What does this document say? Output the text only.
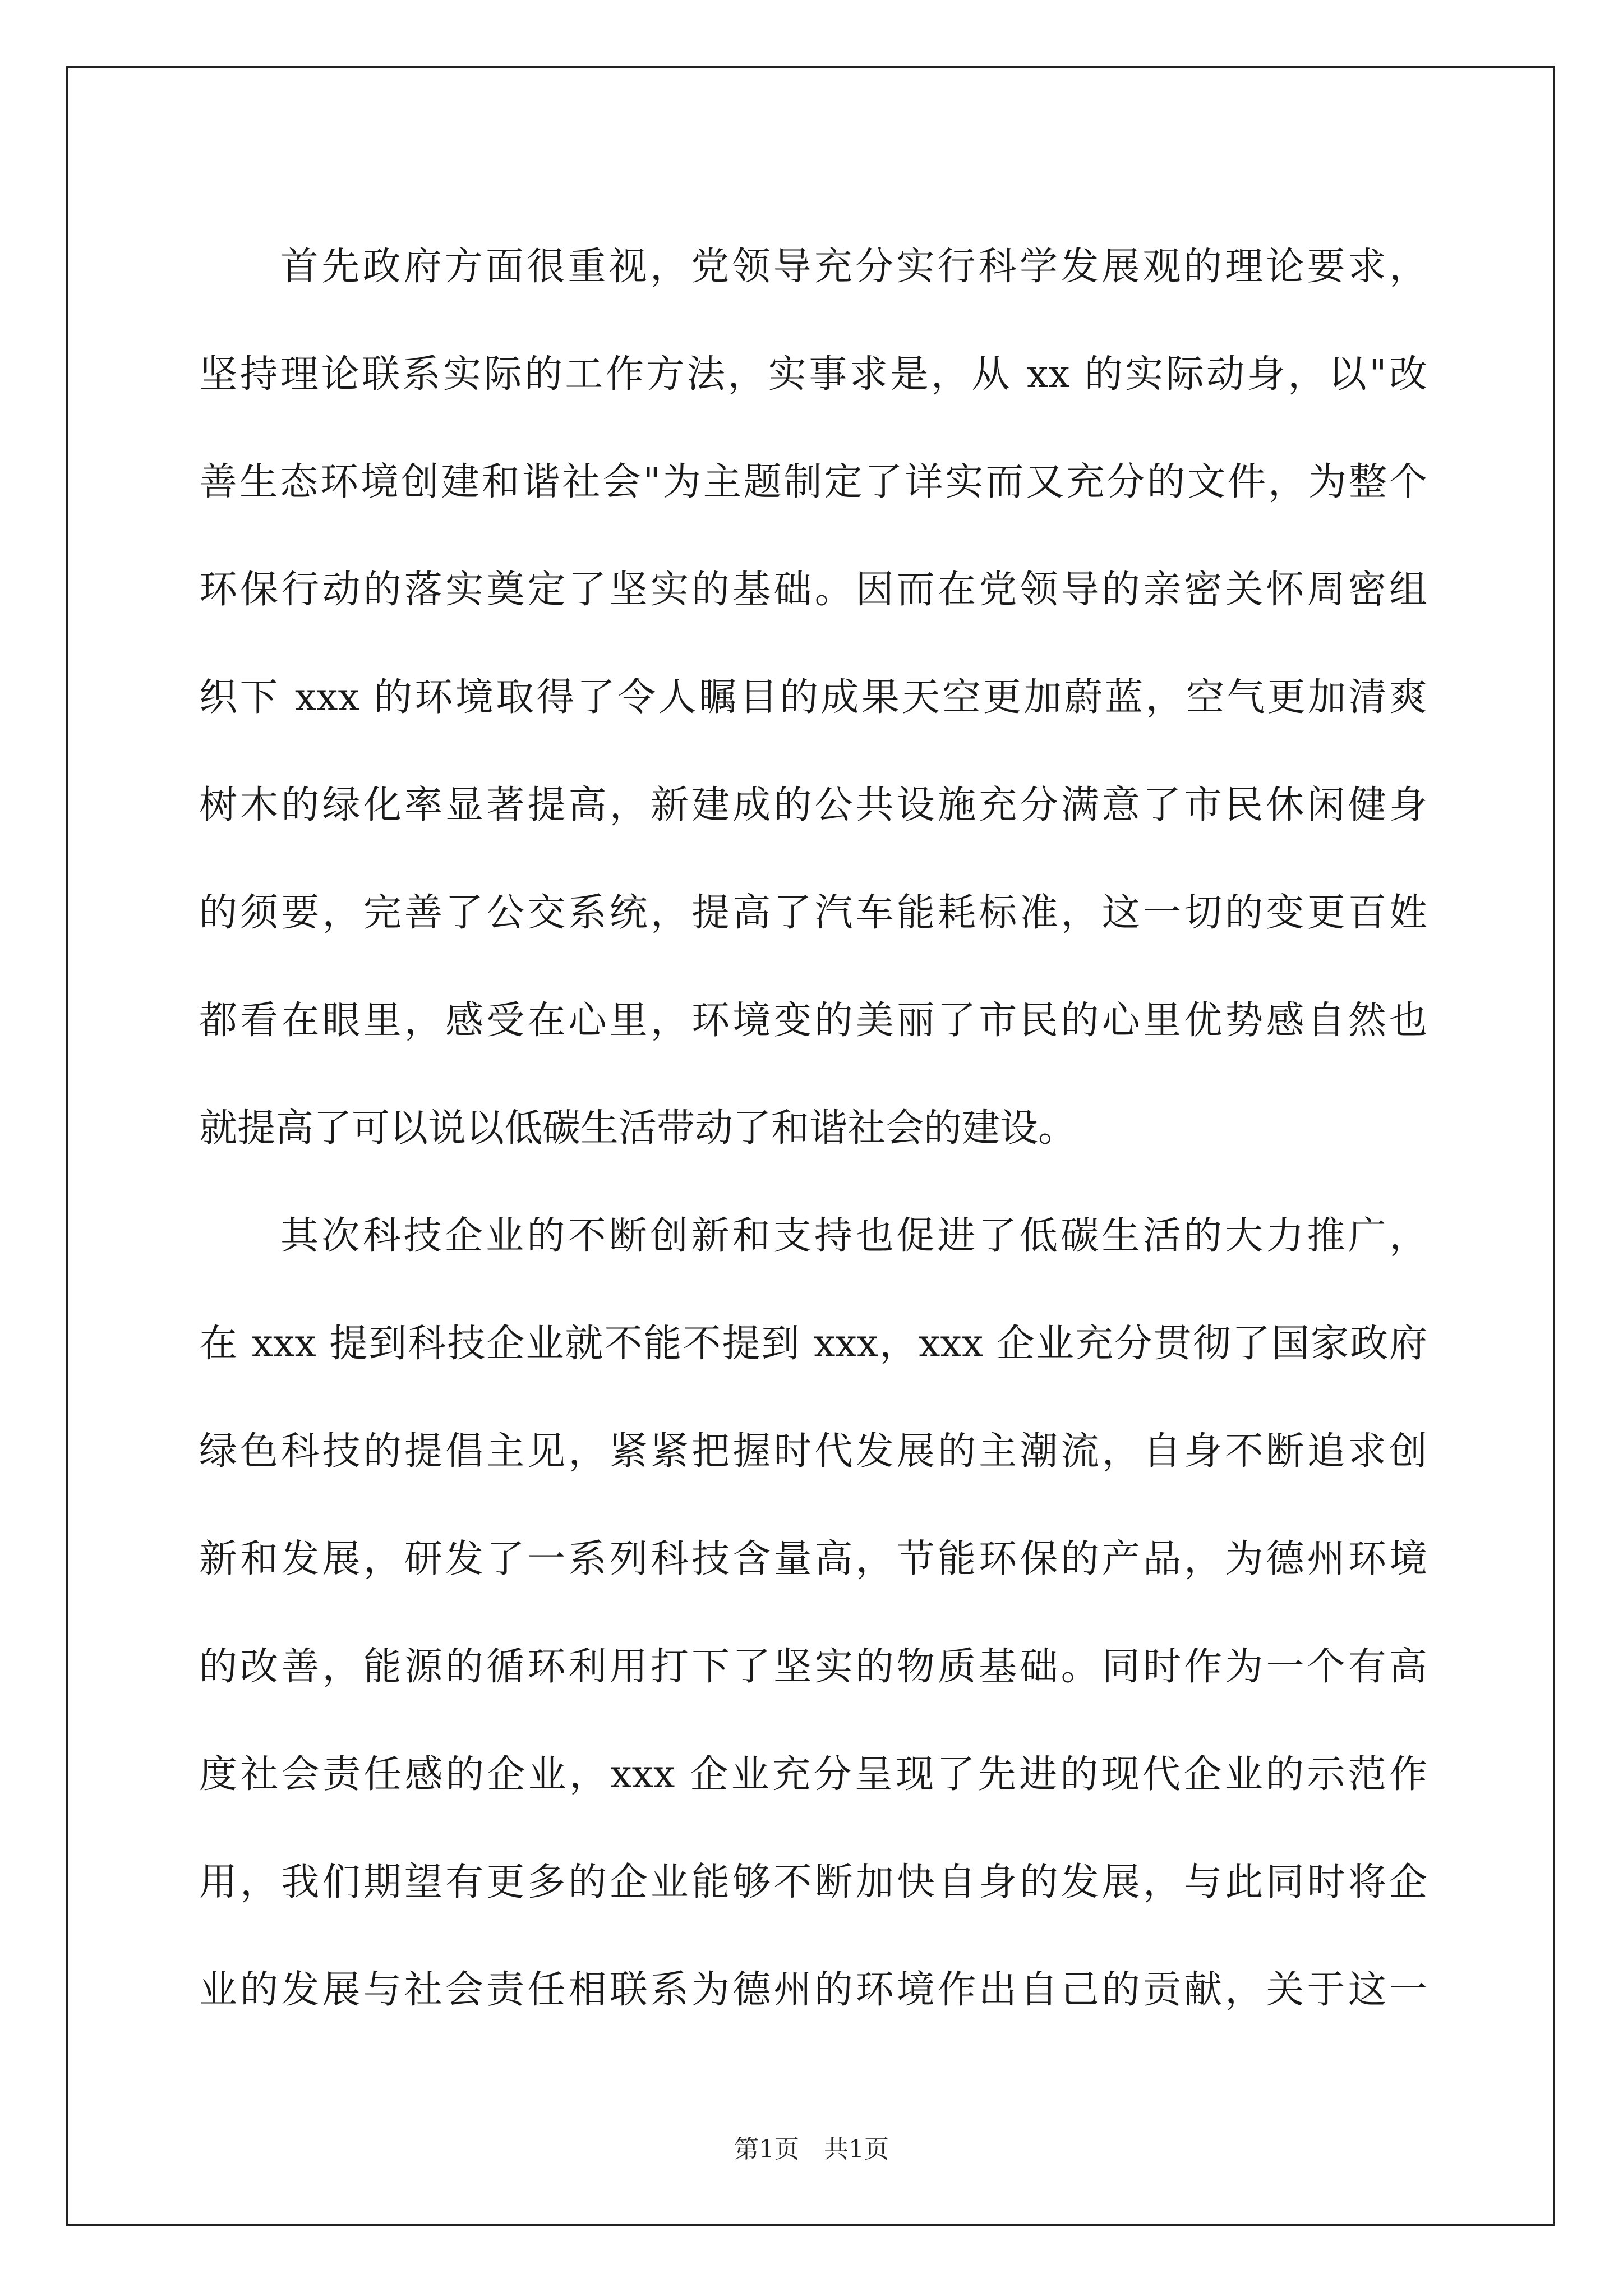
首先政府方面很重视，党领导充分实行科学发展观的理论要求，
坚持理论联系实际的工作方法，实事求是，从 xx 的实际动身，以"改
善生态环境创建和谐社会"为主题制定了详实而又充分的文件，为整个
环保行动的落实奠定了坚实的基础。因而在党领导的亲密关怀周密组
织下 xxx 的环境取得了令人瞩目的成果天空更加蔚蓝，空气更加清爽
树木的绿化率显著提高，新建成的公共设施充分满意了市民休闲健身
的须要，完善了公交系统，提高了汽车能耗标准，这一切的变更百姓
都看在眼里，感受在心里，环境变的美丽了市民的心里优势感自然也
就提高了可以说以低碳生活带动了和谐社会的建设。
其次科技企业的不断创新和支持也促进了低碳生活的大力推广，
在 xxx 提到科技企业就不能不提到 xxx，xxx 企业充分贯彻了国家政府
绿色科技的提倡主见，紧紧把握时代发展的主潮流，自身不断追求创
新和发展，研发了一系列科技含量高，节能环保的产品，为德州环境
的改善，能源的循环利用打下了坚实的物质基础。同时作为一个有高
度社会责任感的企业，xxx 企业充分呈现了先进的现代企业的示范作
用，我们期望有更多的企业能够不断加快自身的发展，与此同时将企
业的发展与社会责任相联系为德州的环境作出自己的贡献，关于这一
第1页　共1页
